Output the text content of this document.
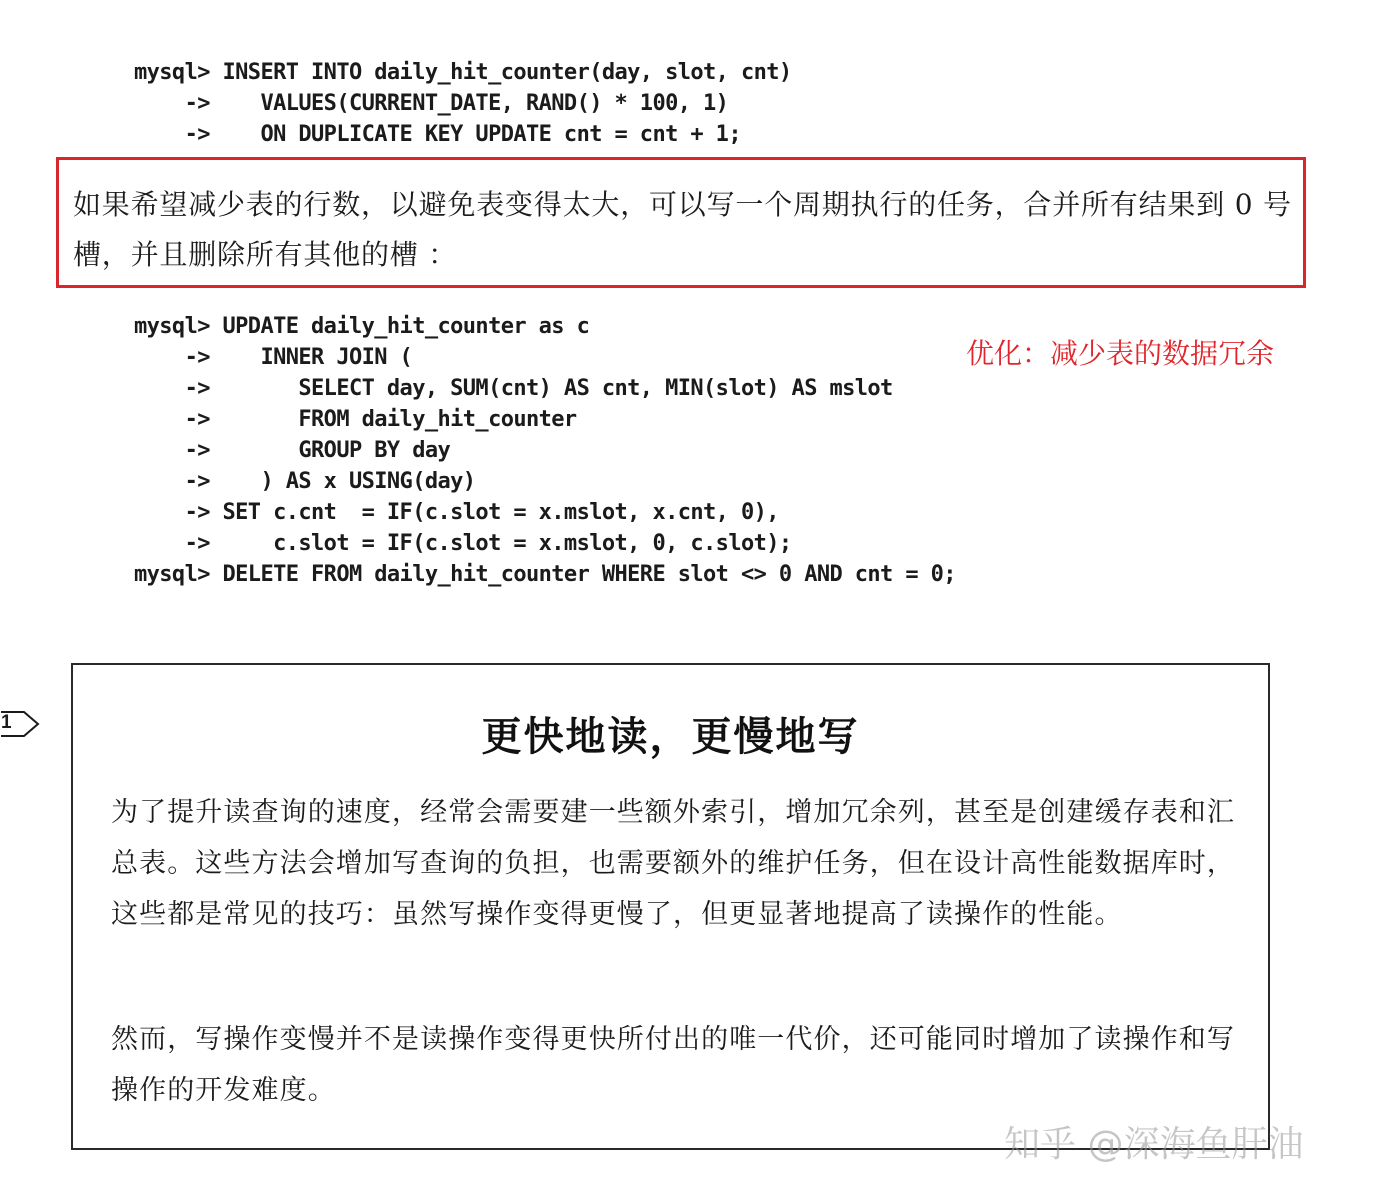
mysql> INSERT INTO daily_hit_counter(day, slot, cnt)
->    VALUES(CURRENT_DATE, RAND() * 100, 1)
->    ON DUPLICATE KEY UPDATE cnt = cnt + 1;

如果希望减少表的行数，以避免表变得太大，可以写一个周期执行的任务，合并所有结果到 0 号槽，并且删除所有其他的槽 ：

优化：减少表的数据冗余
mysql> UPDATE daily_hit_counter as c
->    INNER JOIN (
->       SELECT day, SUM(cnt) AS cnt, MIN(slot) AS mslot
->       FROM daily_hit_counter
->       GROUP BY day
->    ) AS x USING(day)
-> SET c.cnt  = IF(c.slot = x.mslot, x.cnt, 0),
->     c.slot = IF(c.slot = x.mslot, 0, c.slot);
mysql> DELETE FROM daily_hit_counter WHERE slot <> 0 AND cnt = 0;
1	更快地读，更慢地写

为了提升读查询的速度，经常会需要建一些额外索引，增加冗余列，甚至是创建缓存表和汇总表。这些方法会增加写查询的负担，也需要额外的维护任务，但在设计高性能数据库时，这些都是常见的技巧：虽然写操作变得更慢了，但更显著地提高了读操作的性能。

然而，写操作变慢并不是读操作变得更快所付出的唯一代价，还可能同时增加了读操作和写操作的开发难度。

知乎 @深海鱼肝油
